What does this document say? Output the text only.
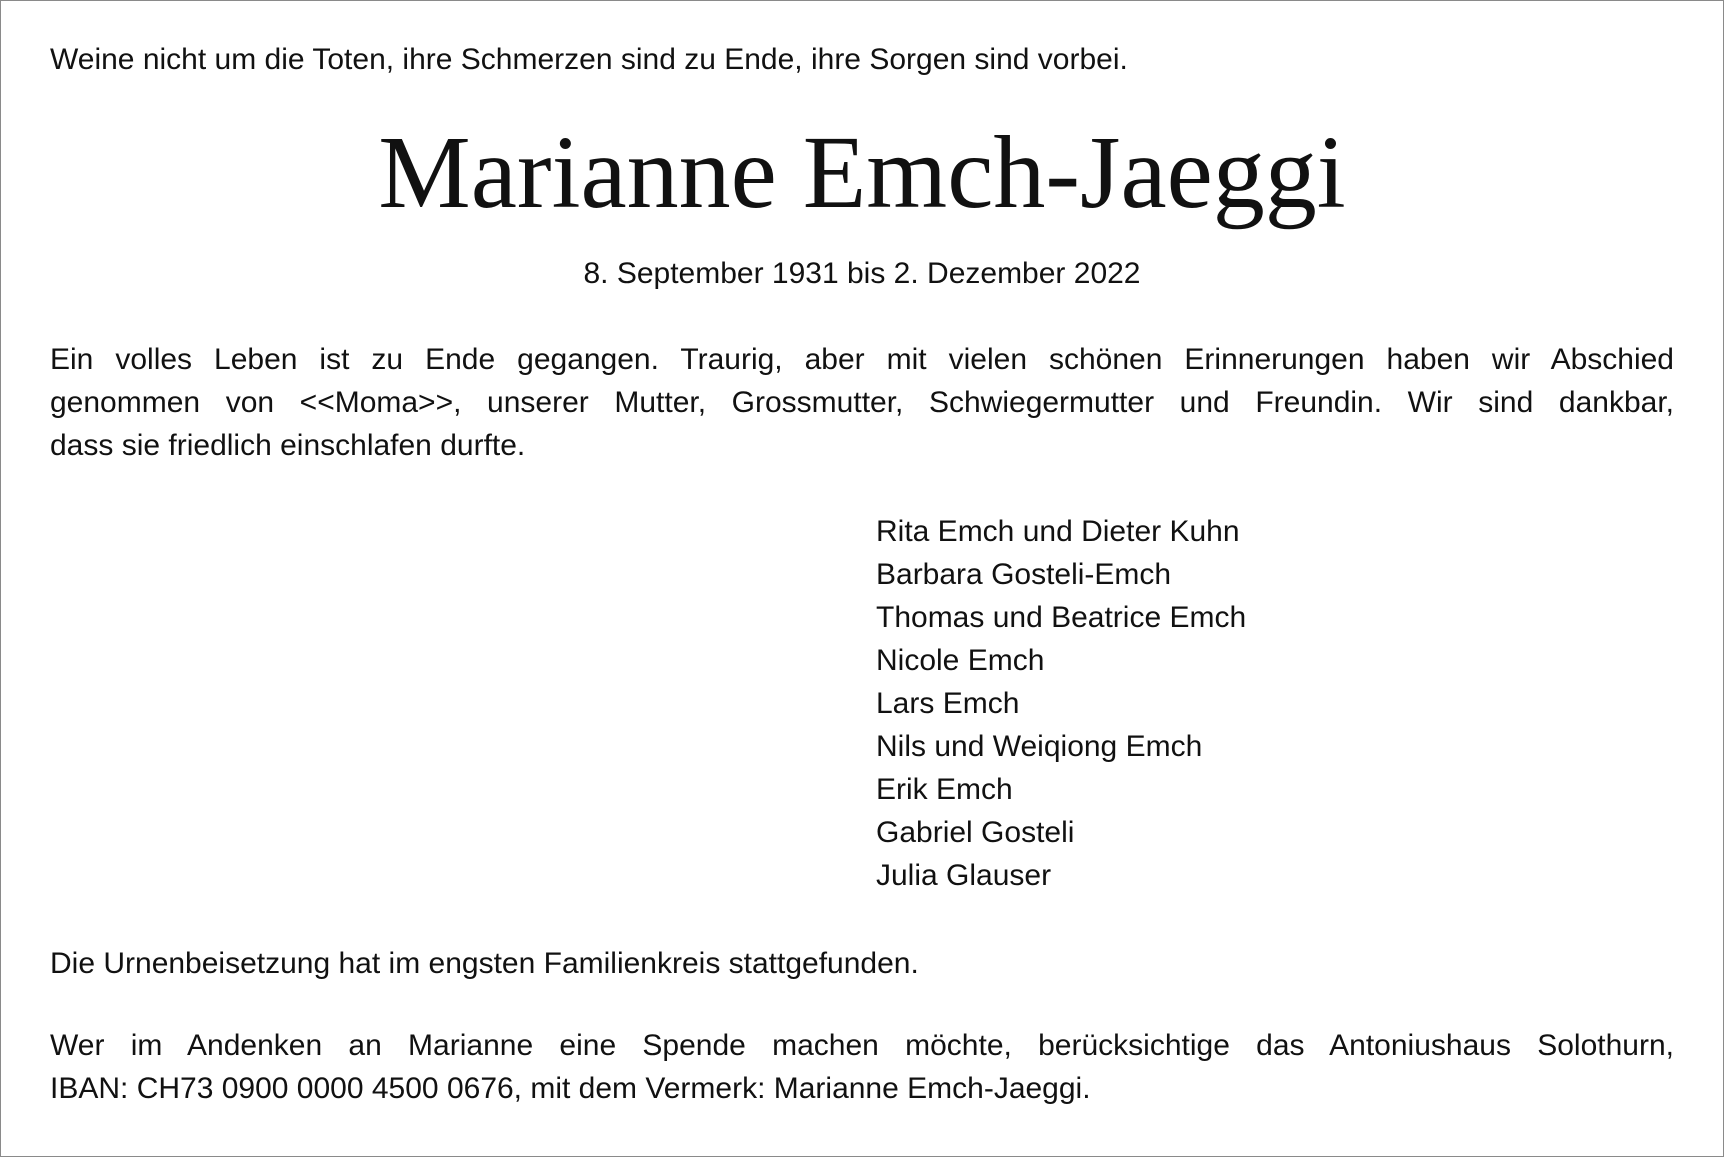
Weine nicht um die Toten, ihre Schmerzen sind zu Ende, ihre Sorgen sind vorbei.
Marianne Emch-Jaeggi
8. September 1931 bis 2. Dezember 2022
Ein volles Leben ist zu Ende gegangen. Traurig, aber mit vielen schönen Erinnerungen haben wir Abschied
genommen von <<Moma>>, unserer Mutter, Grossmutter, Schwiegermutter und Freundin. Wir sind dankbar,
dass sie friedlich einschlafen durfte.
Rita Emch und Dieter Kuhn
Barbara Gosteli-Emch
Thomas und Beatrice Emch
Nicole Emch
Lars Emch
Nils und Weiqiong Emch
Erik Emch
Gabriel Gosteli
Julia Glauser
Die Urnenbeisetzung hat im engsten Familienkreis stattgefunden.
Wer im Andenken an Marianne eine Spende machen möchte, berücksichtige das Antoniushaus Solothurn,
IBAN: CH73 0900 0000 4500 0676, mit dem Vermerk: Marianne Emch-Jaeggi.
